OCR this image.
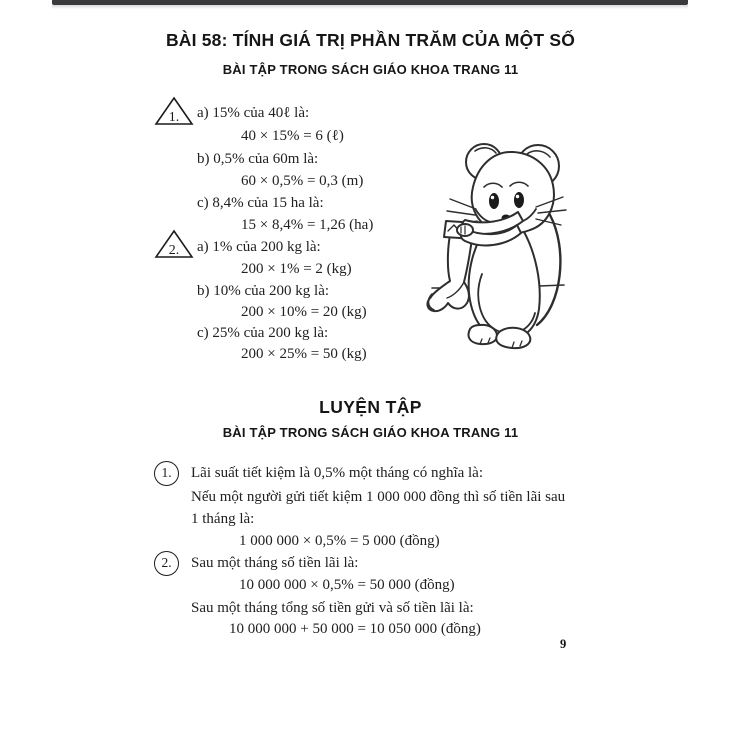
BÀI 58: TÍNH GIÁ TRỊ PHẦN TRĂM CỦA MỘT SỐ
BÀI TẬP TRONG SÁCH GIÁO KHOA TRANG 11
1. a) 15% của 40ℓ là:
40 × 15% = 6 (ℓ)
b) 0,5% của 60m là:
60 × 0,5% = 0,3 (m)
c) 8,4% của 15 ha là:
15 × 8,4% = 1,26 (ha)
2. a) 1% của 200 kg là:
200 × 1% = 2 (kg)
b) 10% của 200 kg là:
200 × 10% = 20 (kg)
c) 25% của 200 kg là:
200 × 25% = 50 (kg)
LUYỆN TẬP
BÀI TẬP TRONG SÁCH GIÁO KHOA TRANG 11
1.	Lãi suất tiết kiệm là 0,5% một tháng có nghĩa là:
Nếu một người gửi tiết kiệm 1 000 000 đồng thì số tiền lãi sau
1 tháng là:
1 000 000 × 0,5% = 5 000 (đồng)
2.	Sau một tháng số tiền lãi là:
10 000 000 × 0,5% = 50 000 (đồng)
Sau một tháng tổng số tiền gửi và số tiền lãi là:
10 000 000 + 50 000 = 10 050 000 (đồng)
9
